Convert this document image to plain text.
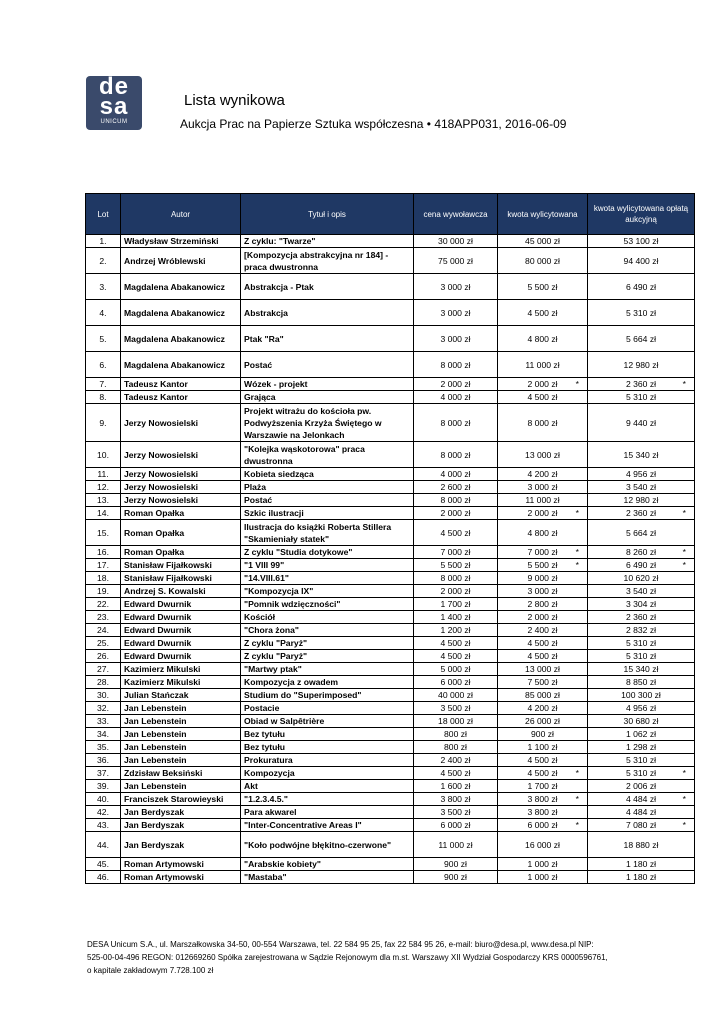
de
sa
UNICUM
Lista wynikowa
Aukcja Prac na Papierze Sztuka współczesna • 418APP031, 2016-06-09
Lot	Autor	Tytuł i opis	cena wywoławcza	kwota wylicytowana	kwota wylicytowana opłatą aukcyjną
1.	Władysław Strzemiński	Z cyklu: "Twarze"	30 000 zł	45 000 zł	53 100 zł
2.	Andrzej Wróblewski	[Kompozycja abstrakcyjna nr 184] - praca dwustronna	75 000 zł	80 000 zł	94 400 zł
3.	Magdalena Abakanowicz	Abstrakcja - Ptak	3 000 zł	5 500 zł	6 490 zł
4.	Magdalena Abakanowicz	Abstrakcja	3 000 zł	4 500 zł	5 310 zł
5.	Magdalena Abakanowicz	Ptak "Ra"	3 000 zł	4 800 zł	5 664 zł
6.	Magdalena Abakanowicz	Postać	8 000 zł	11 000 zł	12 980 zł
7.	Tadeusz Kantor	Wózek - projekt	2 000 zł	2 000 zł *	2 360 zł *

8.	Tadeusz Kantor	Grająca	4 000 zł	4 500 zł	5 310 zł
9.	Jerzy Nowosielski	Projekt witrażu do kościoła pw. Podwyższenia Krzyża Świętego w Warszawie na Jelonkach	8 000 zł	8 000 zł	9 440 zł
10.	Jerzy Nowosielski	"Kolejka wąskotorowa" praca dwustronna	8 000 zł	13 000 zł	15 340 zł
11.	Jerzy Nowosielski	Kobieta siedząca	4 000 zł	4 200 zł	4 956 zł
12.	Jerzy Nowosielski	Plaża	2 600 zł	3 000 zł	3 540 zł
13.	Jerzy Nowosielski	Postać	8 000 zł	11 000 zł	12 980 zł
14.	Roman Opałka	Szkic ilustracji	2 000 zł	2 000 zł *	2 360 zł *

15.	Roman Opałka	Ilustracja do książki Roberta Stillera "Skamieniały statek"	4 500 zł	4 800 zł	5 664 zł
16.	Roman Opałka	Z cyklu "Studia dotykowe"	7 000 zł	7 000 zł *	8 260 zł *

17.	Stanisław Fijałkowski	"1 VIII 99"	5 500 zł	5 500 zł *	6 490 zł *

18.	Stanisław Fijałkowski	"14.VIII.61"	8 000 zł	9 000 zł	10 620 zł
19.	Andrzej S. Kowalski	"Kompozycja IX"	2 000 zł	3 000 zł	3 540 zł
22.	Edward Dwurnik	"Pomnik wdzięczności"	1 700 zł	2 800 zł	3 304 zł
23.	Edward Dwurnik	Kościół	1 400 zł	2 000 zł	2 360 zł
24.	Edward Dwurnik	"Chora żona"	1 200 zł	2 400 zł	2 832 zł
25.	Edward Dwurnik	Z cyklu "Paryż"	4 500 zł	4 500 zł	5 310 zł
26.	Edward Dwurnik	Z cyklu "Paryż"	4 500 zł	4 500 zł	5 310 zł
27.	Kazimierz Mikulski	"Martwy ptak"	5 000 zł	13 000 zł	15 340 zł
28.	Kazimierz Mikulski	Kompozycja z owadem	6 000 zł	7 500 zł	8 850 zł
30.	Julian Stańczak	Studium do "Superimposed"	40 000 zł	85 000 zł	100 300 zł
32.	Jan Lebenstein	Postacie	3 500 zł	4 200 zł	4 956 zł
33.	Jan Lebenstein	Obiad w Salpêtrière	18 000 zł	26 000 zł	30 680 zł
34.	Jan Lebenstein	Bez tytułu	800 zł	900 zł	1 062 zł
35.	Jan Lebenstein	Bez tytułu	800 zł	1 100 zł	1 298 zł
36.	Jan Lebenstein	Prokuratura	2 400 zł	4 500 zł	5 310 zł
37.	Zdzisław Beksiński	Kompozycja	4 500 zł	4 500 zł *	5 310 zł *

39.	Jan Lebenstein	Akt	1 600 zł	1 700 zł	2 006 zł
40.	Franciszek Starowieyski	"1.2.3.4.5."	3 800 zł	3 800 zł *	4 484 zł *

42.	Jan Berdyszak	Para akwarel	3 500 zł	3 800 zł	4 484 zł
43.	Jan Berdyszak	"Inter-Concentrative Areas I"	6 000 zł	6 000 zł *	7 080 zł *

44.	Jan Berdyszak	"Koło podwójne błękitno-czerwone"	11 000 zł	16 000 zł	18 880 zł
45.	Roman Artymowski	"Arabskie kobiety"	900 zł	1 000 zł	1 180 zł
46.	Roman Artymowski	"Mastaba"	900 zł	1 000 zł	1 180 zł
DESA Unicum S.A., ul. Marszałkowska 34-50, 00-554 Warszawa, tel. 22 584 95 25, fax 22 584 95 26, e-mail: biuro@desa.pl, www.desa.pl NIP:
525-00-04-496 REGON: 012669260 Spółka zarejestrowana w Sądzie Rejonowym dla m.st. Warszawy XII Wydział Gospodarczy KRS 0000596761,
o kapitale zakładowym 7.728.100 zł
